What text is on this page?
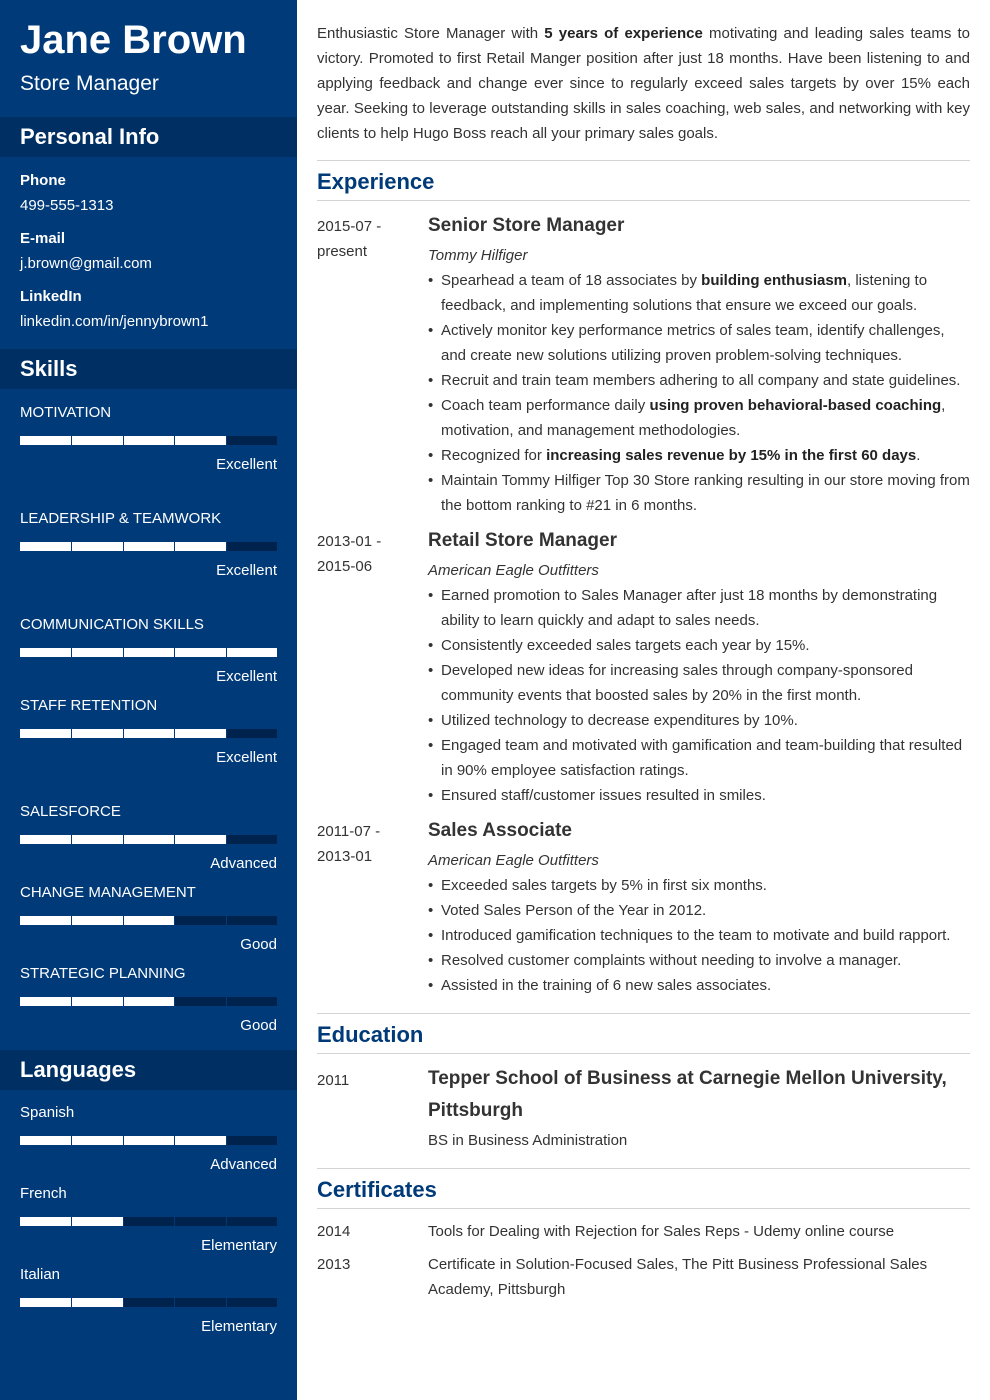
Jane Brown
Store Manager
Personal Info
Phone
499-555-1313
E-mail
j.brown@gmail.com
LinkedIn
linkedin.com/in/jennybrown1
Skills
MOTIVATION
Excellent
LEADERSHIP & TEAMWORK
Excellent
COMMUNICATION SKILLS
Excellent
STAFF RETENTION
Excellent
SALESFORCE
Advanced
CHANGE MANAGEMENT
Good
STRATEGIC PLANNING
Good
Languages
Spanish
Advanced
French
Elementary
Italian
Elementary

Enthusiastic Store Manager with 5 years of experience motivating and leading sales teams to victory. Promoted to first Retail Manger position after just 18 months. Have been listening to and applying feedback and change ever since to regularly exceed sales targets by over 15% each year. Seeking to leverage outstanding skills in sales coaching, web sales, and networking with key clients to help Hugo Boss reach all your primary sales goals.

Experience
2015-07 -
present
Senior Store Manager
Tommy Hilfiger
• Spearhead a team of 18 associates by building enthusiasm, listening to feedback, and implementing solutions that ensure we exceed our goals.
• Actively monitor key performance metrics of sales team, identify challenges, and create new solutions utilizing proven problem-solving techniques.
• Recruit and train team members adhering to all company and state guidelines.
• Coach team performance daily using proven behavioral-based coaching, motivation, and management methodologies.
• Recognized for increasing sales revenue by 15% in the first 60 days.
• Maintain Tommy Hilfiger Top 30 Store ranking resulting in our store moving from the bottom ranking to #21 in 6 months.
2013-01 -
2015-06
Retail Store Manager
American Eagle Outfitters
• Earned promotion to Sales Manager after just 18 months by demonstrating ability to learn quickly and adapt to sales needs.
• Consistently exceeded sales targets each year by 15%.
• Developed new ideas for increasing sales through company-sponsored community events that boosted sales by 20% in the first month.
• Utilized technology to decrease expenditures by 10%.
• Engaged team and motivated with gamification and team-building that resulted in 90% employee satisfaction ratings.
• Ensured staff/customer issues resulted in smiles.
2011-07 -
2013-01
Sales Associate
American Eagle Outfitters
• Exceeded sales targets by 5% in first six months.
• Voted Sales Person of the Year in 2012.
• Introduced gamification techniques to the team to motivate and build rapport.
• Resolved customer complaints without needing to involve a manager.
• Assisted in the training of 6 new sales associates.
Education
2011	Tepper School of Business at Carnegie Mellon University, Pittsburgh
BS in Business Administration
Certificates
2014	Tools for Dealing with Rejection for Sales Reps - Udemy online course
2013	Certificate in Solution-Focused Sales, The Pitt Business Professional Sales Academy, Pittsburgh
